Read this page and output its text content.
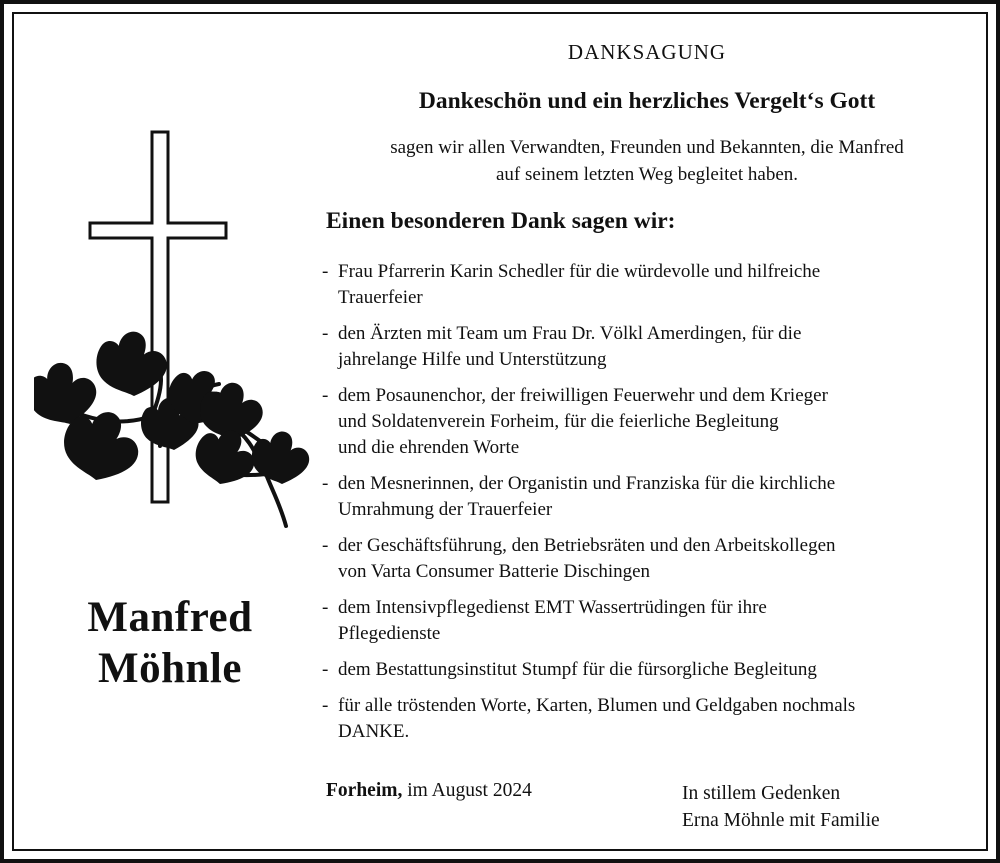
Manfred
Möhnle
DANKSAGUNG
Dankeschön und ein herzliches Vergelt‘s Gott
sagen wir allen Verwandten, Freunden und Bekannten, die Manfred
auf seinem letzten Weg begleitet haben.
Einen besonderen Dank sagen wir:
- Frau Pfarrerin Karin Schedler für die würdevolle und hilfreiche
Trauerfeier
- den Ärzten mit Team um Frau Dr. Völkl Amerdingen, für die
jahrelange Hilfe und Unterstützung
- dem Posaunenchor, der freiwilligen Feuerwehr und dem Krieger
und Soldatenverein Forheim, für die feierliche Begleitung
und die ehrenden Worte
- den Mesnerinnen, der Organistin und Franziska für die kirchliche
Umrahmung der Trauerfeier
- der Geschäftsführung, den Betriebsräten und den Arbeitskollegen
von Varta Consumer Batterie Dischingen
- dem Intensivpflegedienst EMT Wassertrüdingen für ihre
Pflegedienste
- dem Bestattungsinstitut Stumpf für die fürsorgliche Begleitung
- für alle tröstenden Worte, Karten, Blumen und Geldgaben nochmals
DANKE.
Forheim, im August 2024	In stillem Gedenken
Erna Möhnle mit Familie
